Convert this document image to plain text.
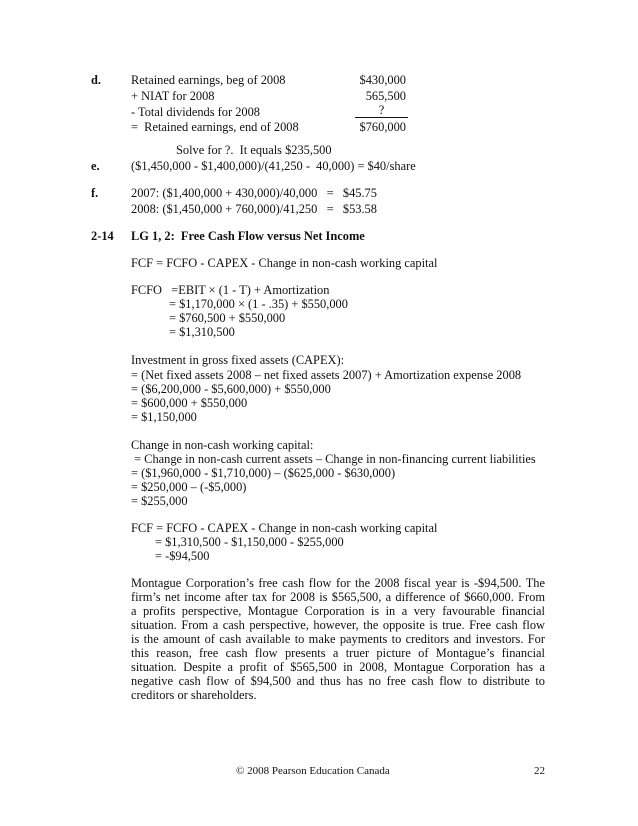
d. Retained earnings, beg of 2008	$430,000
+ NIAT for 2008	565,500
- Total dividends for 2008	?
=  Retained earnings, end of 2008	$760,000
Solve for ?.  It equals $235,500
e.	($1,450,000 - $1,400,000)/(41,250 -  40,000) = $40/share
f.	2007: ($1,400,000 + 430,000)/40,000   =   $45.75
2008: ($1,450,000 + 760,000)/41,250   =   $53.58
2-14 LG 1, 2:  Free Cash Flow versus Net Income
FCF = FCFO - CAPEX - Change in non-cash working capital
FCFO   =EBIT × (1 - T) + Amortization
= $1,170,000 × (1 - .35) + $550,000
= $760,500 + $550,000
= $1,310,500
Investment in gross fixed assets (CAPEX):
= (Net fixed assets 2008 – net fixed assets 2007) + Amortization expense 2008
= ($6,200,000 - $5,600,000) + $550,000
= $600,000 + $550,000
= $1,150,000
Change in non-cash working capital:
= Change in non-cash current assets – Change in non-financing current liabilities
= ($1,960,000 - $1,710,000) – ($625,000 - $630,000)
= $250,000 – (-$5,000)
= $255,000
FCF = FCFO - CAPEX - Change in non-cash working capital
= $1,310,500 - $1,150,000 - $255,000
= -$94,500
Montague Corporation’s free cash flow for the 2008 fiscal year is -$94,500. The
firm’s net income after tax for 2008 is $565,500, a difference of $660,000. From
a profits perspective, Montague Corporation is in a very favourable financial
situation. From a cash perspective, however, the opposite is true. Free cash flow
is the amount of cash available to make payments to creditors and investors. For
this reason, free cash flow presents a truer picture of Montague’s financial
situation. Despite a profit of $565,500 in 2008, Montague Corporation has a
negative cash flow of $94,500 and thus has no free cash flow to distribute to
creditors or shareholders.
© 2008 Pearson Education Canada	22
